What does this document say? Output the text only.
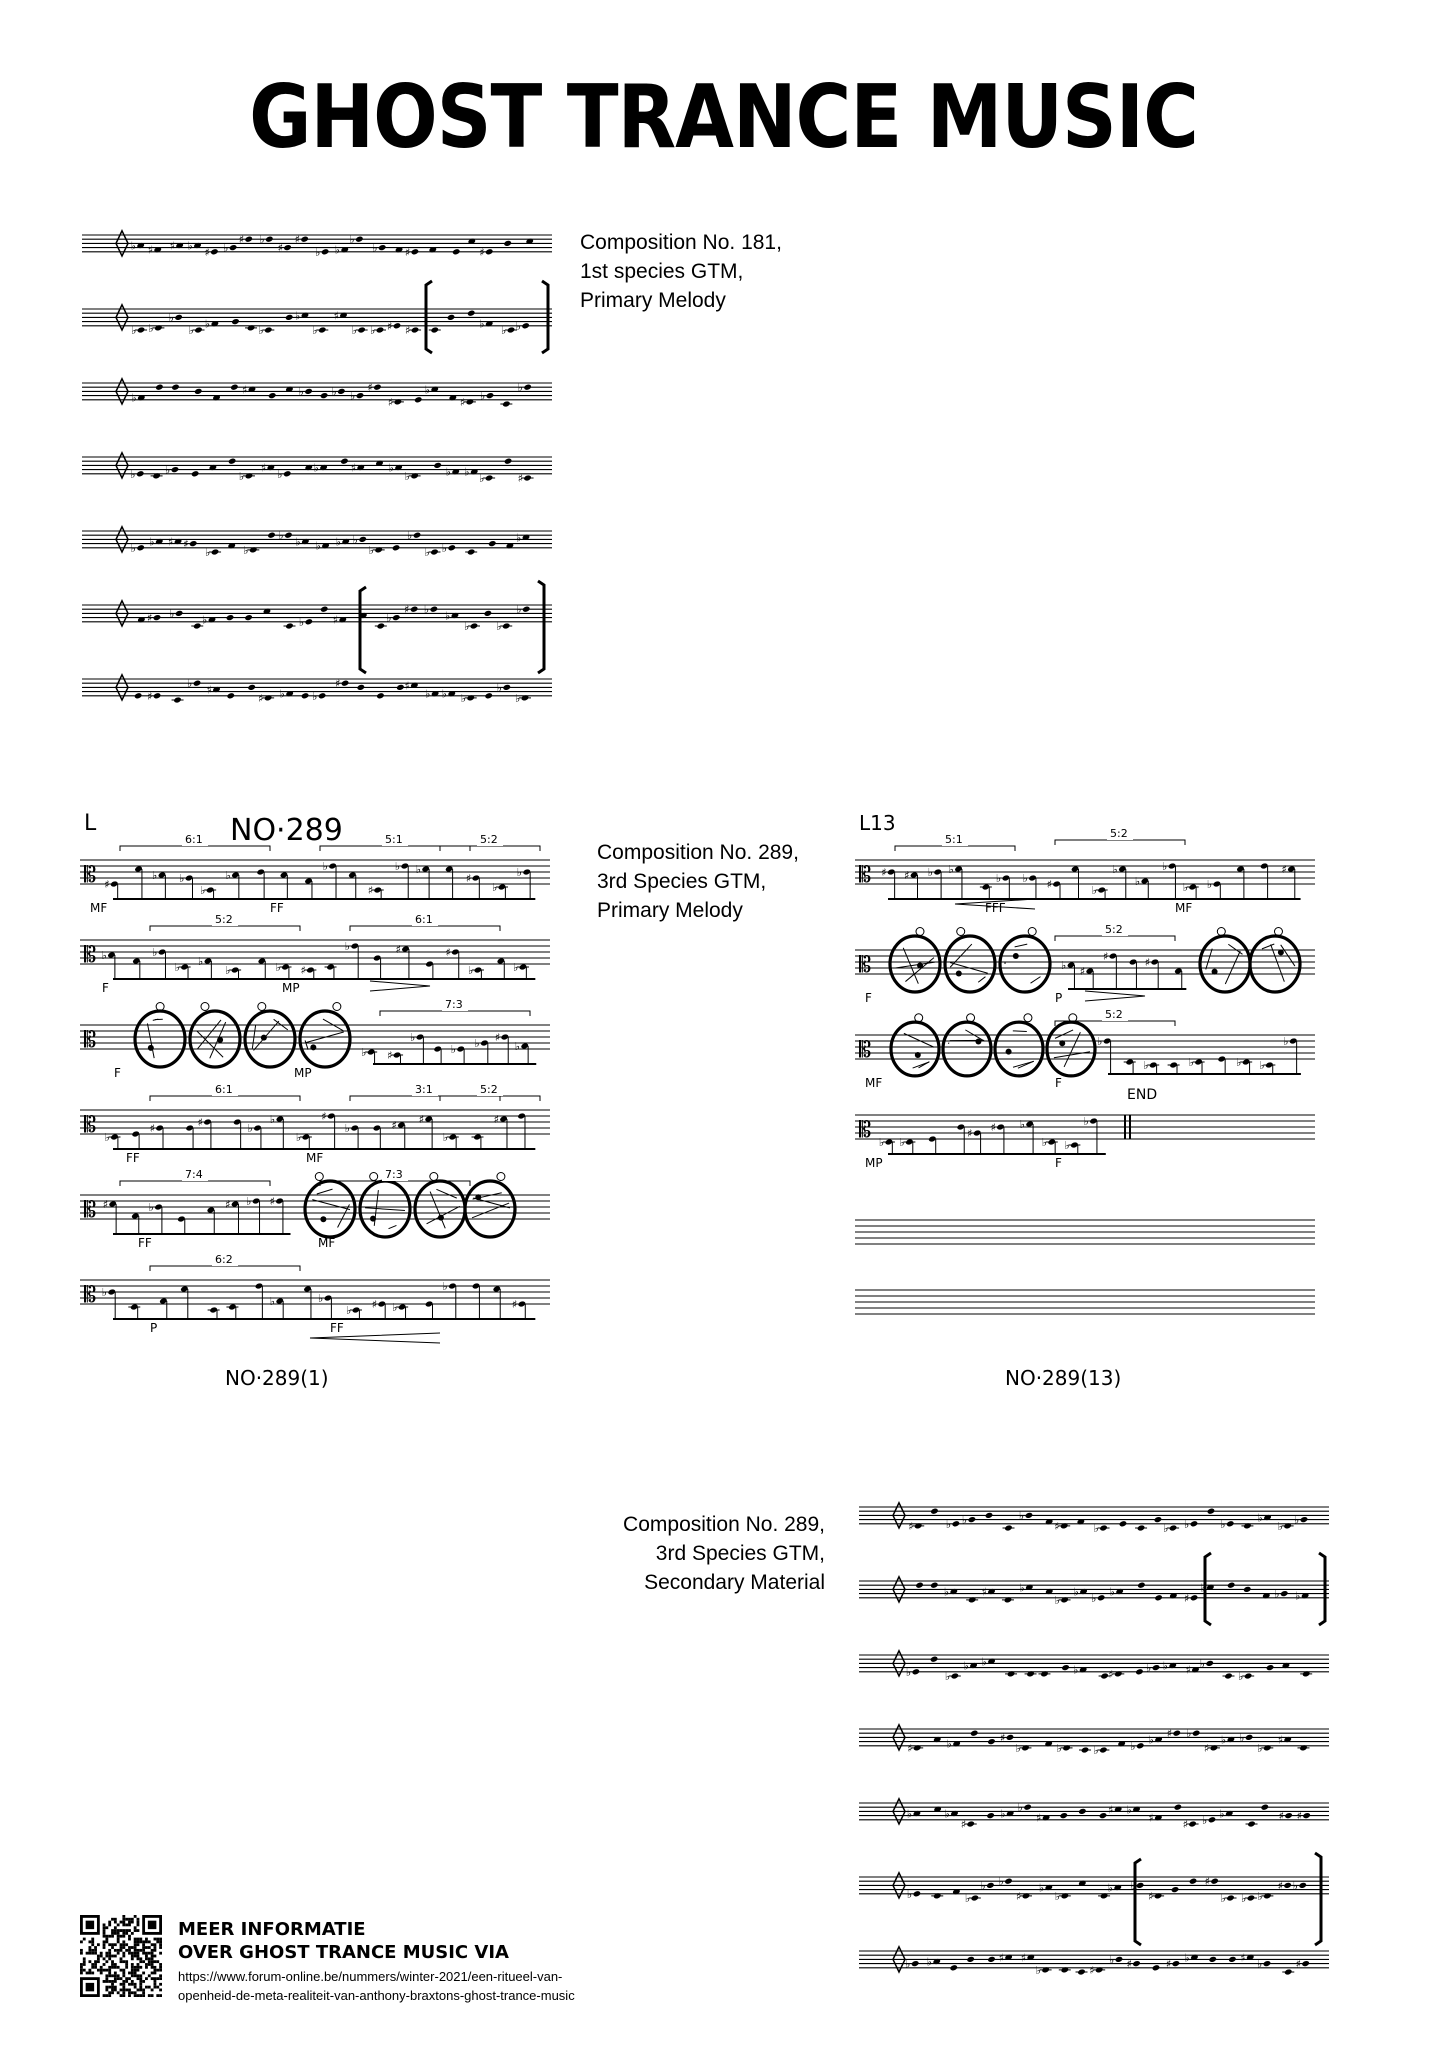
GHOST TRANCE MUSIC
♭ ♯ ♯ ♭ ♯ ♭
♯ ♭
♯
♯
♭ ♭
♭
♭ ♯	♯
♭ ♭
♭
♭ ♭	♭
♭
♭
♯
♭ ♭ ♯ ♯	♭ ♭ ♭
♭
♯	♭	♭ ♭
♯
♯
♭
♯ ♭
♭
♭	♭	♭
♯ ♭	♭	♯	♭
♭	♭ ♭ ♭	♯
♭ ♭ ♯ ♯
♭	♭
♭ ♭ ♭ ♭ ♭
♭
♭
♭ ♭
♭
♯ ♭	♭	♭	♯	♭
♯ ♭ ♭
♭ ♭
♭
♯
♭ ♯
♯ ♭ ♭
♯	♯
♭ ♭ ♭
♭
♭

Composition No. 181,
1st species GTM,
Primary Melody

L	NO·289
𝄡 ♯
♭ ♭
♭
♭
♭
♯
♭ ♭
♯
♭
♭
6:1	5:1	5:2
MF	FF
𝄡 ♭	♭
♭ ♭
♭	♭ ♯
♭	♯	♯
♭	♭
5:2	6:1
F	MP
𝄡	♭ ♯
♭
♭ ♭ ♯
♭
7:3
F	MP
𝄡 ♭
♯	♯	♭
♭
♭
♯
♭	♯ ♯
♭
♯
6:1	3:1	5:2
FF	MF
𝄡 ♯	♭	♯ ♭ ♯
7:4	7:3
FF	MF
𝄡 ♭
♭	♭
♭ ♯ ♭
♭
♯
6:2
P	FF
NO·289(1)

Composition No. 289,
3rd Species GTM,
Primary Melody

L13
𝄡 ♯ ♯ ♭ ♭
♭ ♭ ♯	♭
♭
♭
♭
♭ ♭
♯
5:1	5:2
FFF	MF
𝄡	♭ ♯
♯	♯
5:2
F	P
𝄡	♭
♭	♭	♭ ♭
♭
5:2
MF	F
𝄡 ♭ ♭
♯ ♯ ♭
♭ ♭
♭
END
MP	F
NO·289(13)

Composition No. 289,
3rd Species GTM,
Secondary Material

♯	♭ ♭	♭
♯	♭	♭ ♭	♭	♭
♭ ♭
♭	♯	♭
♭
♭ ♭ ♭	♯
♭	♭ ♭
♭	♭
♭ ♭
♭	♯	♭ ♭ ♯ ♭
♭
♯	♭	♯
♭	♭	♭	♭ ♭ ♯ ♭
♯
♭ ♭
♭
♯
♭	♭
♯
♭ ♭
♯
♯ ♭
♯	♯ ♭ ♭	♯ ♯
♭	♭
♭ ♭
♯
♭
♭
♭ ♭
♯
♯
♭ ♭ ♭
♯ ♭
♭ ♭	♯ ♯
♭	♯
♭ ♯	♯ ♭	♯ ♭	♯
MEER INFORMATIE
OVER GHOST TRANCE MUSIC VIA
https://www.forum-online.be/nummers/winter-2021/een-ritueel-van-
openheid-de-meta-realiteit-van-anthony-braxtons-ghost-trance-music
